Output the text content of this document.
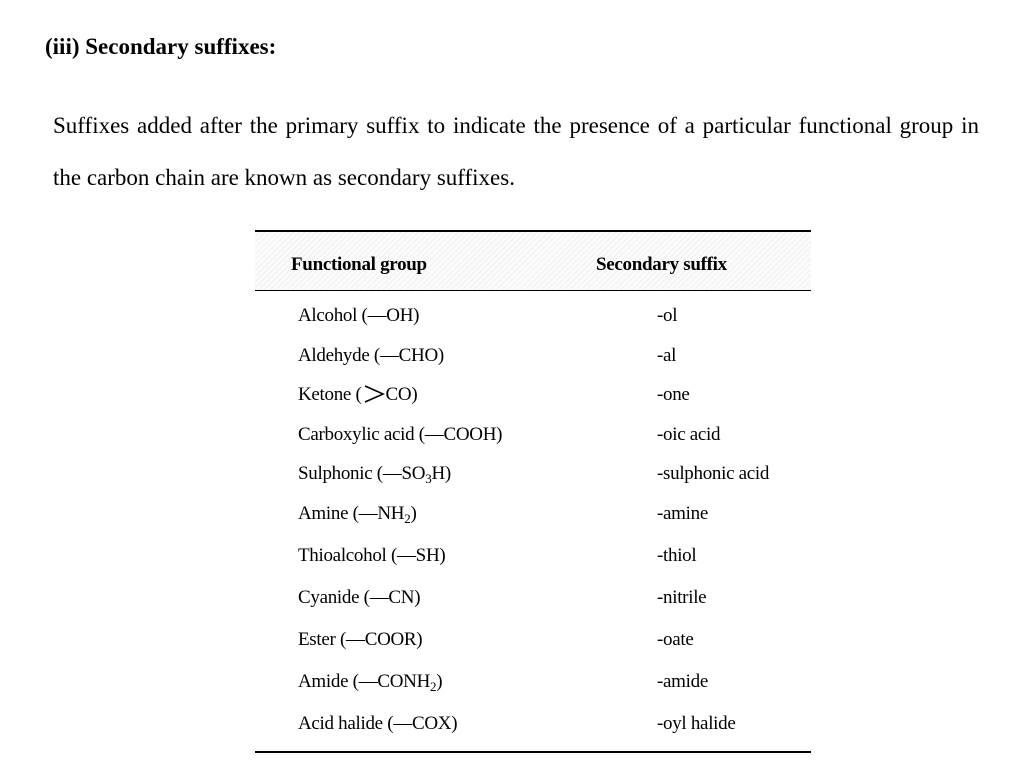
(iii) Secondary suffixes:

Suffixes added after the primary suffix to indicate the presence of a particular functional group in the carbon chain are known as secondary suffixes.

Functional group	Secondary suffix
Alcohol (—OH)	-ol
Aldehyde (—CHO)	-al
Ketone ( CO)	-one
Carboxylic acid (—COOH)	-oic acid
Sulphonic $(—SO_3H)$	-sulphonic acid
Amine $(—NH_2)$	-amine
Thioalcohol (—SH)	-thiol
Cyanide (—CN)	-nitrile
Ester (—COOR)	-oate
Amide $(—CONH_2)$	-amide
Acid halide (—COX)	-oyl halide
